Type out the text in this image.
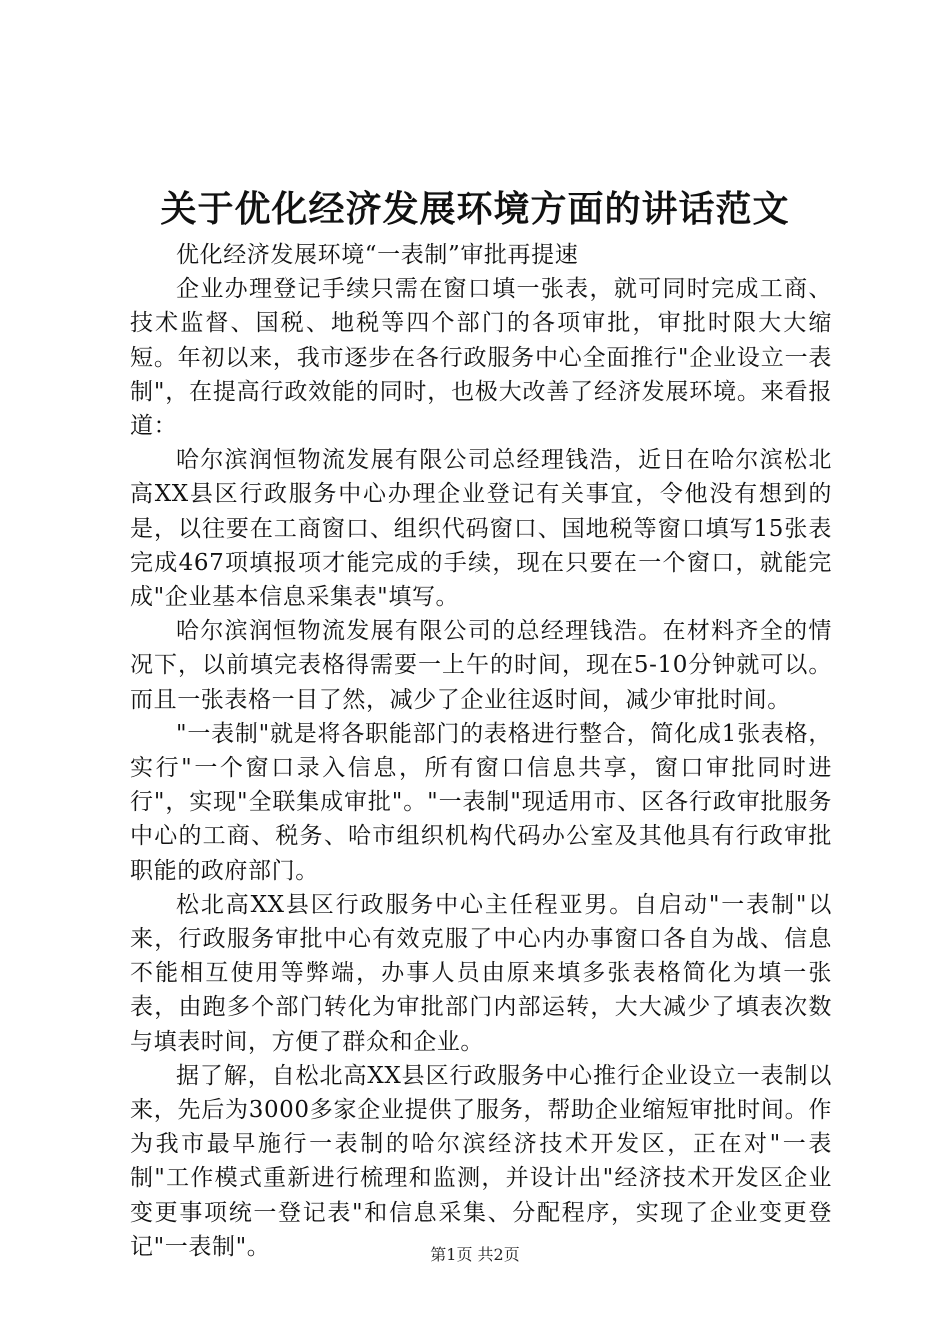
关于优化经济发展环境方面的讲话范文

优化经济发展环境“一表制”审批再提速

企业办理登记手续只需在窗口填一张表，就可同时完成工商、技术监督、国税、地税等四个部门的各项审批，审批时限大大缩短。年初以来，我市逐步在各行政服务中心全面推行"企业设立一表制"，在提高行政效能的同时，也极大改善了经济发展环境。来看报道：

哈尔滨润恒物流发展有限公司总经理钱浩，近日在哈尔滨松北高XX县区行政服务中心办理企业登记有关事宜，令他没有想到的是，以往要在工商窗口、组织代码窗口、国地税等窗口填写15张表完成467项填报项才能完成的手续，现在只要在一个窗口，就能完成"企业基本信息采集表"填写。

哈尔滨润恒物流发展有限公司的总经理钱浩。在材料齐全的情况下，以前填完表格得需要一上午的时间，现在5-10分钟就可以。而且一张表格一目了然，减少了企业往返时间，减少审批时间。

"一表制"就是将各职能部门的表格进行整合，简化成1张表格，实行"一个窗口录入信息，所有窗口信息共享，窗口审批同时进行"，实现"全联集成审批"。"一表制"现适用市、区各行政审批服务中心的工商、税务、哈市组织机构代码办公室及其他具有行政审批职能的政府部门。

松北高XX县区行政服务中心主任程亚男。自启动"一表制"以来，行政服务审批中心有效克服了中心内办事窗口各自为战、信息不能相互使用等弊端，办事人员由原来填多张表格简化为填一张表，由跑多个部门转化为审批部门内部运转，大大减少了填表次数与填表时间，方便了群众和企业。

据了解，自松北高XX县区行政服务中心推行企业设立一表制以来，先后为3000多家企业提供了服务，帮助企业缩短审批时间。作为我市最早施行一表制的哈尔滨经济技术开发区，正在对"一表制"工作模式重新进行梳理和监测，并设计出"经济技术开发区企业变更事项统一登记表"和信息采集、分配程序，实现了企业变更登记"一表制"。	第1页 共2页
